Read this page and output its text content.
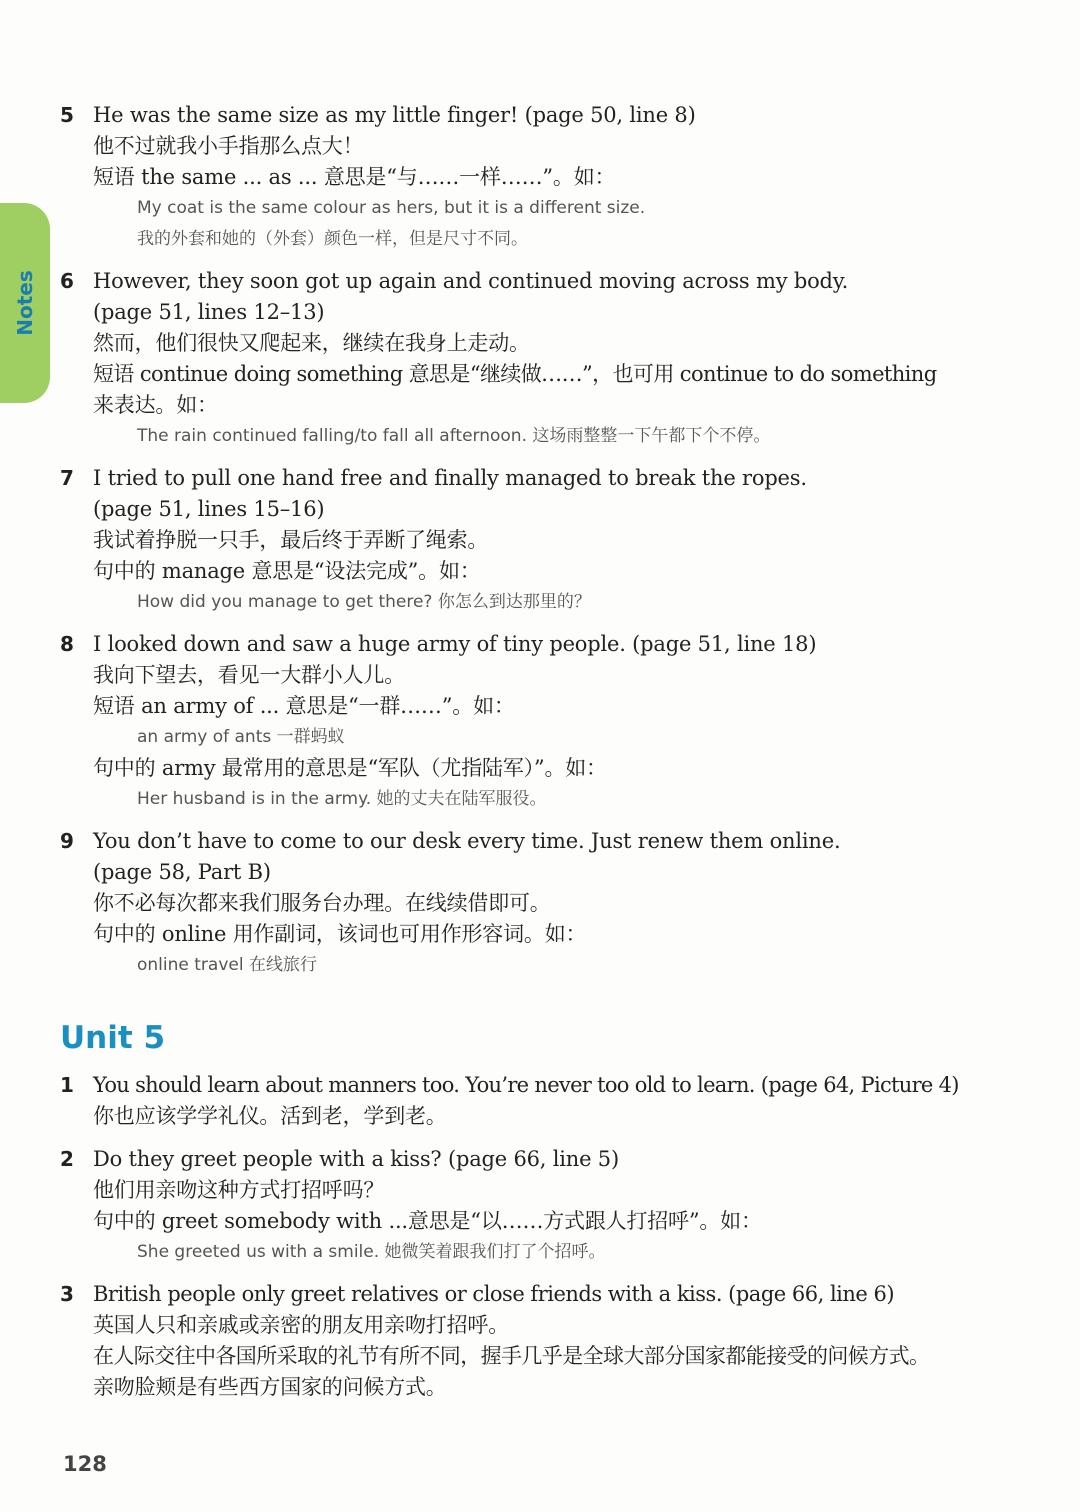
Notes
5 He was the same size as my little finger! (page 50, line 8)
他不过就我小手指那么点大！
短语 the same ... as ... 意思是“与……一样……”。如：
My coat is the same colour as hers, but it is a different size.
我的外套和她的（外套）颜色一样，但是尺寸不同。
6 However, they soon got up again and continued moving across my body.
(page 51, lines 12–13)
然而，他们很快又爬起来，继续在我身上走动。
短语 continue doing something 意思是“继续做……”，也可用 continue to do something
来表达。如：
The rain continued falling/to fall all afternoon. 这场雨整整一下午都下个不停。
7 I tried to pull one hand free and finally managed to break the ropes.
(page 51, lines 15–16)
我试着挣脱一只手，最后终于弄断了绳索。
句中的 manage 意思是“设法完成”。如：
How did you manage to get there? 你怎么到达那里的？
8 I looked down and saw a huge army of tiny people. (page 51, line 18)
我向下望去，看见一大群小人儿。
短语 an army of ... 意思是“一群……”。如：
an army of ants 一群蚂蚁
句中的 army 最常用的意思是“军队（尤指陆军）”。如：
Her husband is in the army. 她的丈夫在陆军服役。
9 You don’t have to come to our desk every time. Just renew them online.
(page 58, Part B)
你不必每次都来我们服务台办理。在线续借即可。
句中的 online 用作副词，该词也可用作形容词。如：
online travel 在线旅行
Unit 5
1 You should learn about manners too. You’re never too old to learn. (page 64, Picture 4)
你也应该学学礼仪。活到老，学到老。
2 Do they greet people with a kiss? (page 66, line 5)
他们用亲吻这种方式打招呼吗？
句中的 greet somebody with ...意思是“以……方式跟人打招呼”。如：
She greeted us with a smile. 她微笑着跟我们打了个招呼。
3 British people only greet relatives or close friends with a kiss. (page 66, line 6)
英国人只和亲戚或亲密的朋友用亲吻打招呼。
在人际交往中各国所采取的礼节有所不同，握手几乎是全球大部分国家都能接受的问候方式。
亲吻脸颊是有些西方国家的问候方式。
128
